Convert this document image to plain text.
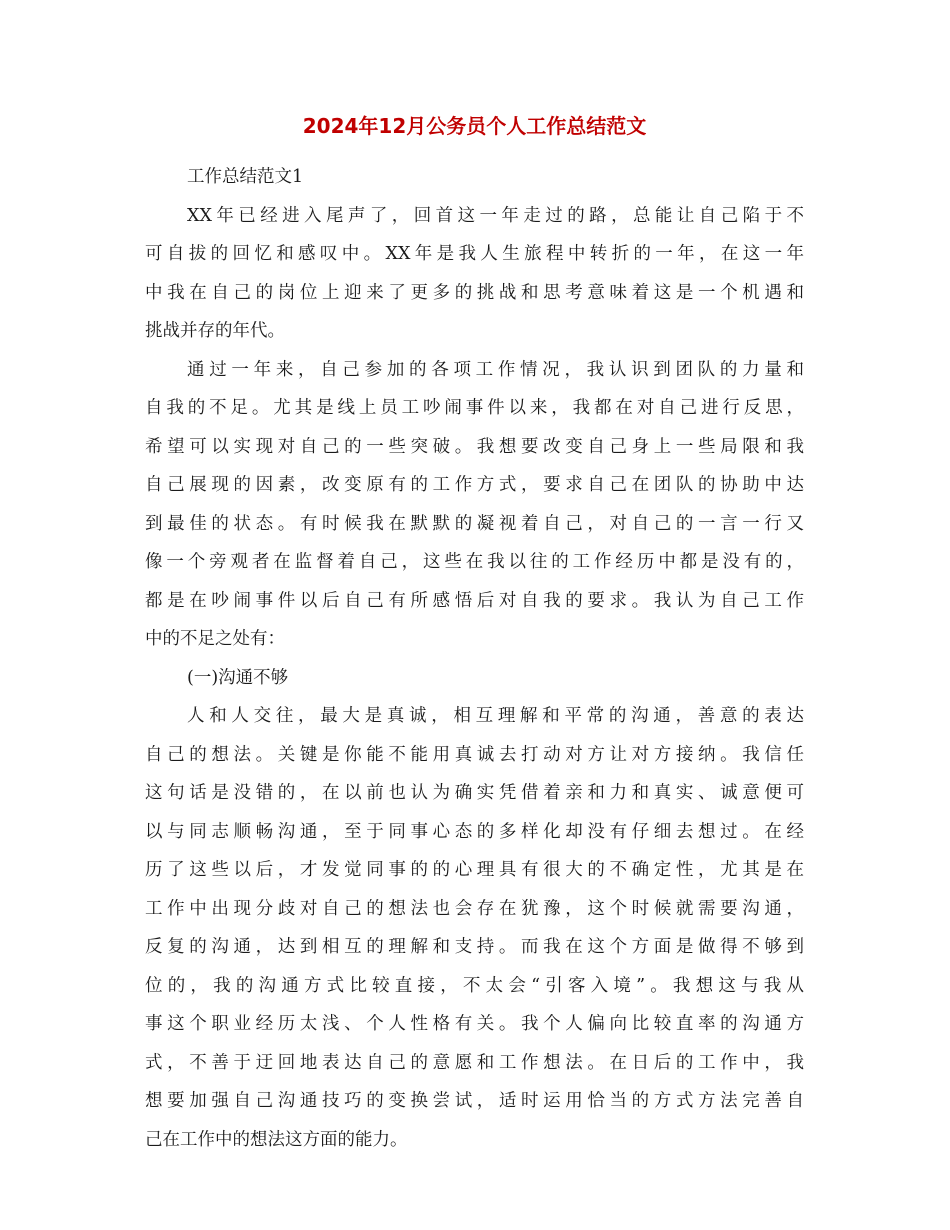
2024年12月公务员个人工作总结范文

工作总结范文1

XX年已经进入尾声了，回首这一年走过的路，总能让自己陷于不
可自拔的回忆和感叹中。XX年是我人生旅程中转折的一年，在这一年
中我在自己的岗位上迎来了更多的挑战和思考意味着这是一个机遇和
挑战并存的年代。
通过一年来，自己参加的各项工作情况，我认识到团队的力量和
自我的不足。尤其是线上员工吵闹事件以来，我都在对自己进行反思，
希望可以实现对自己的一些突破。我想要改变自己身上一些局限和我
自己展现的因素，改变原有的工作方式，要求自己在团队的协助中达
到最佳的状态。有时候我在默默的凝视着自己，对自己的一言一行又
像一个旁观者在监督着自己，这些在我以往的工作经历中都是没有的，
都是在吵闹事件以后自己有所感悟后对自我的要求。我认为自己工作
中的不足之处有：

(一)沟通不够

人和人交往，最大是真诚，相互理解和平常的沟通，善意的表达
自己的想法。关键是你能不能用真诚去打动对方让对方接纳。我信任
这句话是没错的，在以前也认为确实凭借着亲和力和真实、诚意便可
以与同志顺畅沟通，至于同事心态的多样化却没有仔细去想过。在经
历了这些以后，才发觉同事的的心理具有很大的不确定性，尤其是在
工作中出现分歧对自己的想法也会存在犹豫，这个时候就需要沟通，
反复的沟通，达到相互的理解和支持。而我在这个方面是做得不够到
位的，我的沟通方式比较直接，不太会“引客入境”。我想这与我从
事这个职业经历太浅、个人性格有关。我个人偏向比较直率的沟通方
式，不善于迂回地表达自己的意愿和工作想法。在日后的工作中，我
想要加强自己沟通技巧的变换尝试，适时运用恰当的方式方法完善自
己在工作中的想法这方面的能力。
